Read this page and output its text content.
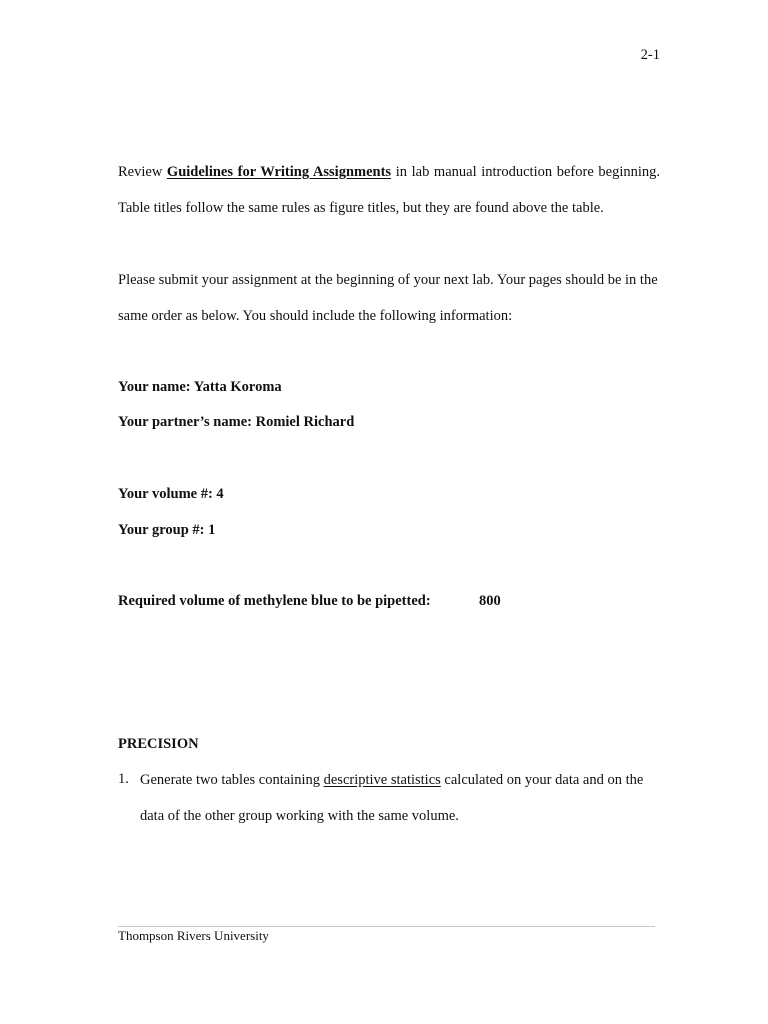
2-1
Review Guidelines for Writing Assignments in lab manual introduction before beginning. Table titles follow the same rules as figure titles, but they are found above the table.
Please submit your assignment at the beginning of your next lab. Your pages should be in the same order as below. You should include the following information:
Your name: Yatta Koroma
Your partner’s name: Romiel Richard
Your volume #: 4
Your group #: 1
Required volume of methylene blue to be pipetted:	800
PRECISION
1. Generate two tables containing descriptive statistics calculated on your data and on the data of the other group working with the same volume.
Thompson Rivers University
